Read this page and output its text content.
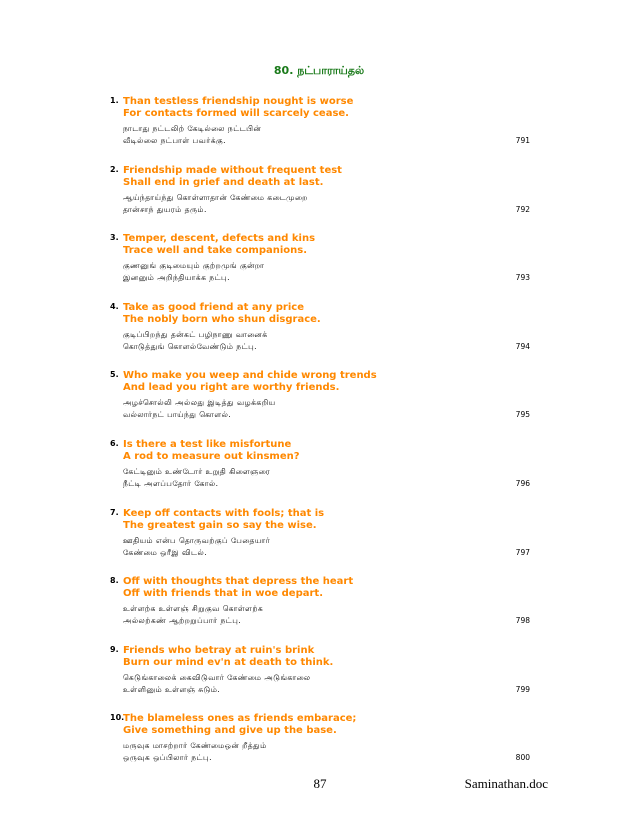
80. நட்பாராய்தல்
1. Than testless friendship nought is worse
For contacts formed will scarcely cease.
நாடாது நட்டலிற் கேடில்லை நட்டபின்
வீடில்லை நட்பாள் பவர்க்கு.	791
2. Friendship made without frequent test
Shall end in grief and death at last.
ஆய்ந்தாய்ந்து கொள்ளாதான் கேண்மை கடைமுறை
தான்சாந் துயரம் தரும்.	792
3. Temper, descent, defects and kins
Trace well and take companions.
குணனுங் குடிமையும் குற்றமுங் குன்றா
இனனும் அறிந்தியாக்க நட்பு.	793
4. Take as good friend at any price
The nobly born who shun disgrace.
குடிப்பிறந்து தன்கட் பழிநாணு வானைக்
கொடுத்துங் கொளல்வேண்டும் நட்பு.	794
5. Who make you weep and chide wrong trends
And lead you right are worthy friends.
அழச்சொல்லி அல்லது இடித்து வழக்கறிய
வல்லார்நட் பாய்ந்து கொளல்.	795
6. Is there a test like misfortune
A rod to measure out kinsmen?
கேட்டினும் உண்டோர் உறுதி கிளைஞரை
நீட்டி அளப்பதோர் கோல்.	796
7. Keep off contacts with fools; that is
The greatest gain so say the wise.
ஊதியம் என்ப தொருவற்குப் பேதையார்
கேண்மை ஒரீஇ விடல்.	797
8. Off with thoughts that depress the heart
Off with friends that in woe depart.
உள்ளற்க உள்ளஞ் சிறுகுவ கொள்ளற்க
அல்லற்கண் ஆற்றறுப்பார் நட்பு.	798
9. Friends who betray at ruin's brink
Burn our mind ev'n at death to think.
கெடுங்காலைக் கைவிடுவார் கேண்மை அடுங்காலை
உள்ளினும் உள்ளஞ் சுடும்.	799
10.
The blameless ones as friends embarace;
Give something and give up the base.
மருவுக மாசற்றார் கேண்மைஒன் றீத்தும்
ஒருவுக ஒப்பிலார் நட்பு.	800
87	Saminathan.doc
